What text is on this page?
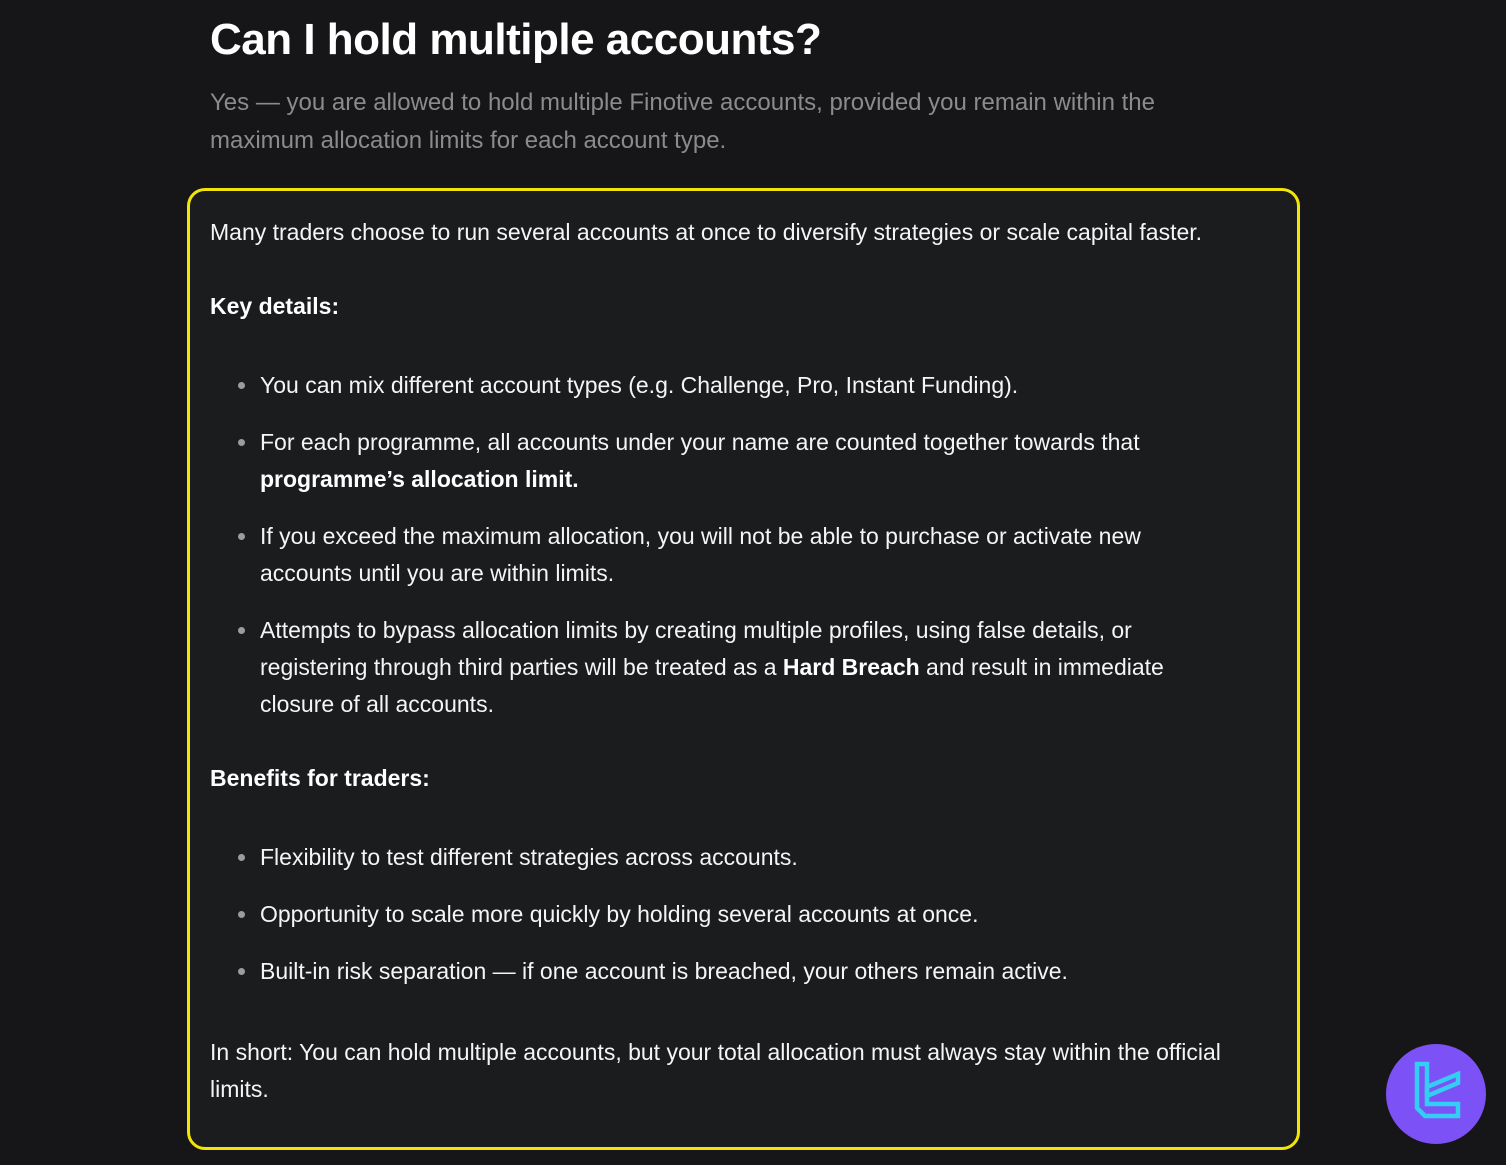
Can I hold multiple accounts?

Yes — you are allowed to hold multiple Finotive accounts, provided you remain within the maximum allocation limits for each account type.

Many traders choose to run several accounts at once to diversify strategies or scale capital faster.

Key details:

You can mix different account types (e.g. Challenge, Pro, Instant Funding).
For each programme, all accounts under your name are counted together towards that programme’s allocation limit.
If you exceed the maximum allocation, you will not be able to purchase or activate new accounts until you are within limits.
Attempts to bypass allocation limits by creating multiple profiles, using false details, or registering through third parties will be treated as a Hard Breach and result in immediate closure of all accounts.

Benefits for traders:

Flexibility to test different strategies across accounts.
Opportunity to scale more quickly by holding several accounts at once.
Built-in risk separation — if one account is breached, your others remain active.

In short: You can hold multiple accounts, but your total allocation must always stay within the official limits.
